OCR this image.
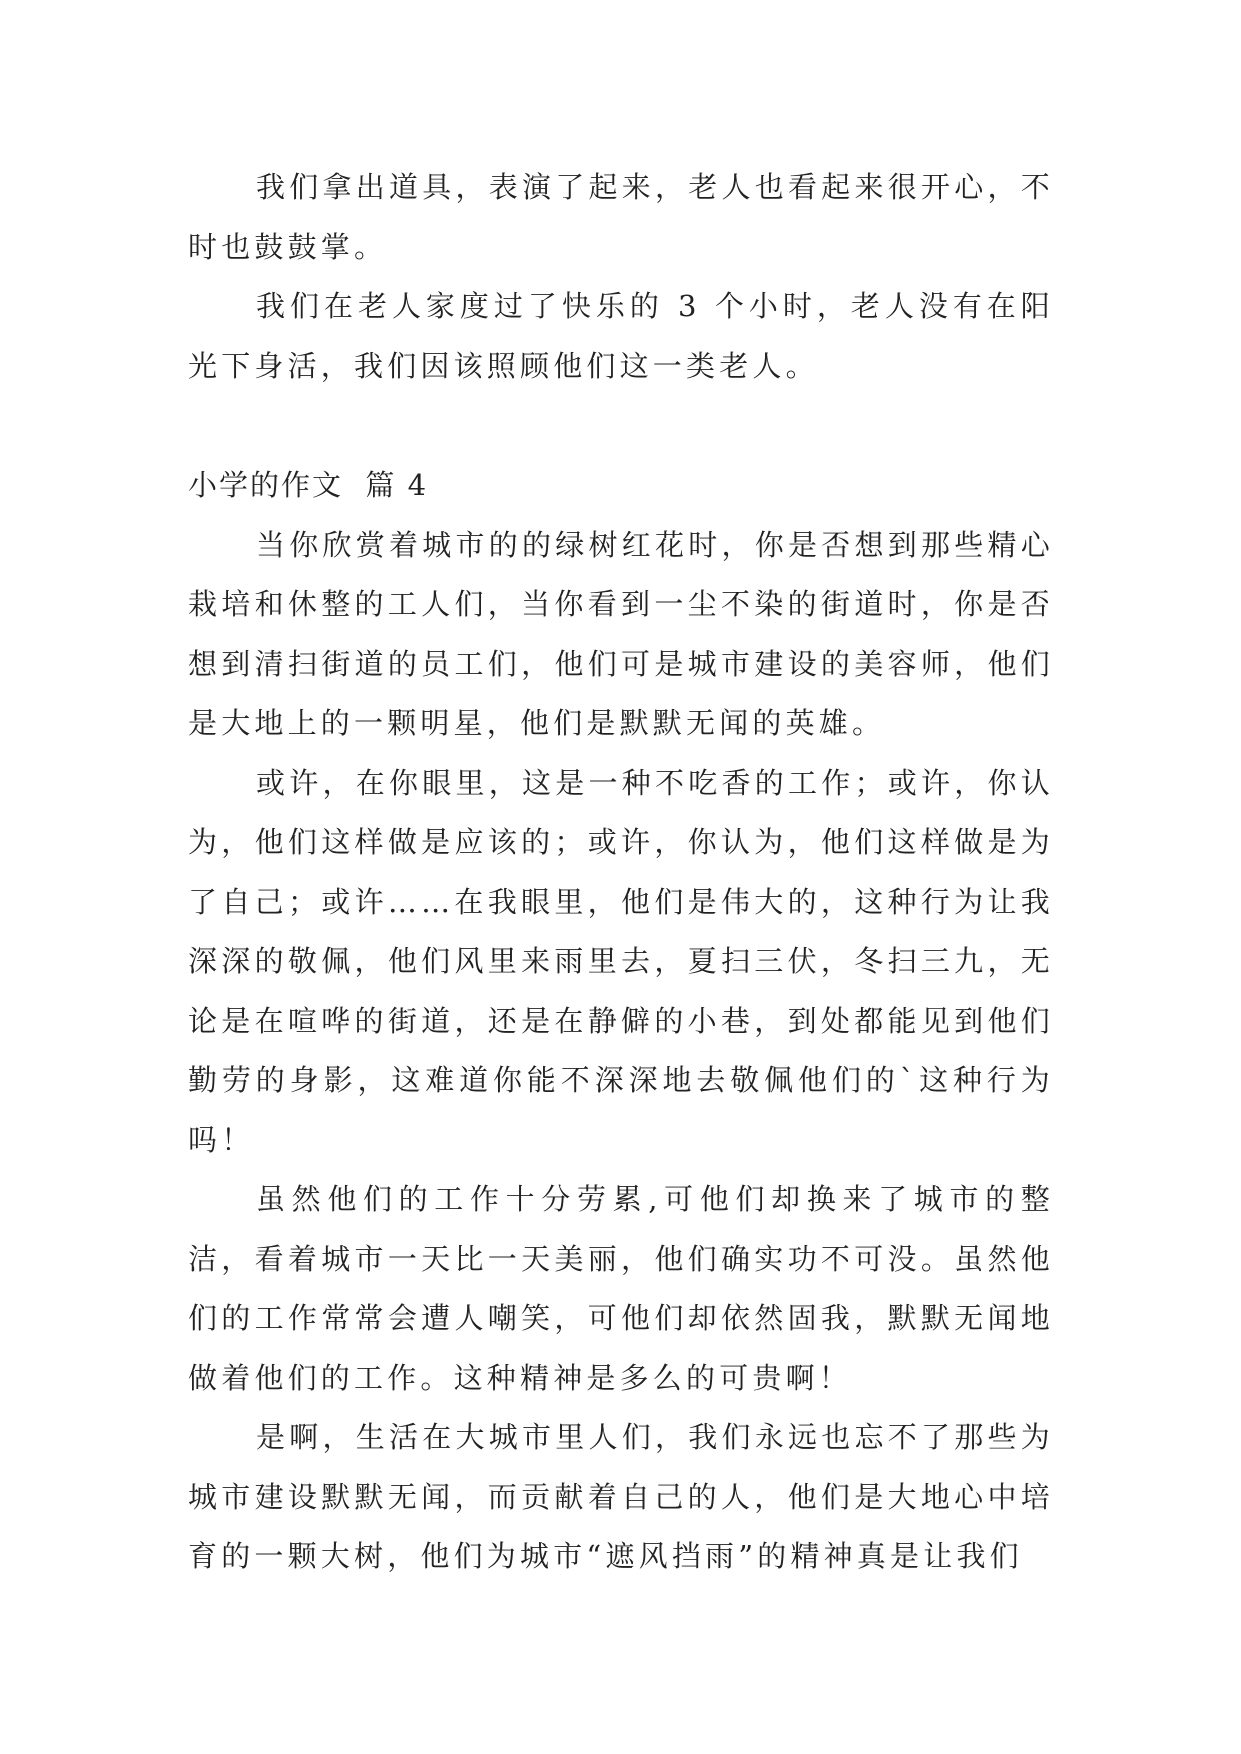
我们拿出道具，表演了起来，老人也看起来很开心，不时也鼓鼓掌。

我们在老人家度过了快乐的 3 个小时，老人没有在阳光下身活，我们因该照顾他们这一类老人。

小学的作文  篇 4

当你欣赏着城市的的绿树红花时，你是否想到那些精心栽培和休整的工人们，当你看到一尘不染的街道时，你是否想到清扫街道的员工们，他们可是城市建设的美容师，他们是大地上的一颗明星，他们是默默无闻的英雄。

或许，在你眼里，这是一种不吃香的工作；或许，你认为，他们这样做是应该的；或许，你认为，他们这样做是为了自己；或许……在我眼里，他们是伟大的，这种行为让我深深的敬佩，他们风里来雨里去，夏扫三伏，冬扫三九，无论是在喧哗的街道，还是在静僻的小巷，到处都能见到他们勤劳的身影，这难道你能不深深地去敬佩他们的`这种行为吗！

虽然他们的工作十分劳累,可他们却换来了城市的整洁，看着城市一天比一天美丽，他们确实功不可没。虽然他们的工作常常会遭人嘲笑，可他们却依然固我，默默无闻地做着他们的工作。这种精神是多么的可贵啊！

是啊，生活在大城市里人们，我们永远也忘不了那些为城市建设默默无闻，而贡献着自己的人，他们是大地心中培育的一颗大树，他们为城市“遮风挡雨”的精神真是让我们
